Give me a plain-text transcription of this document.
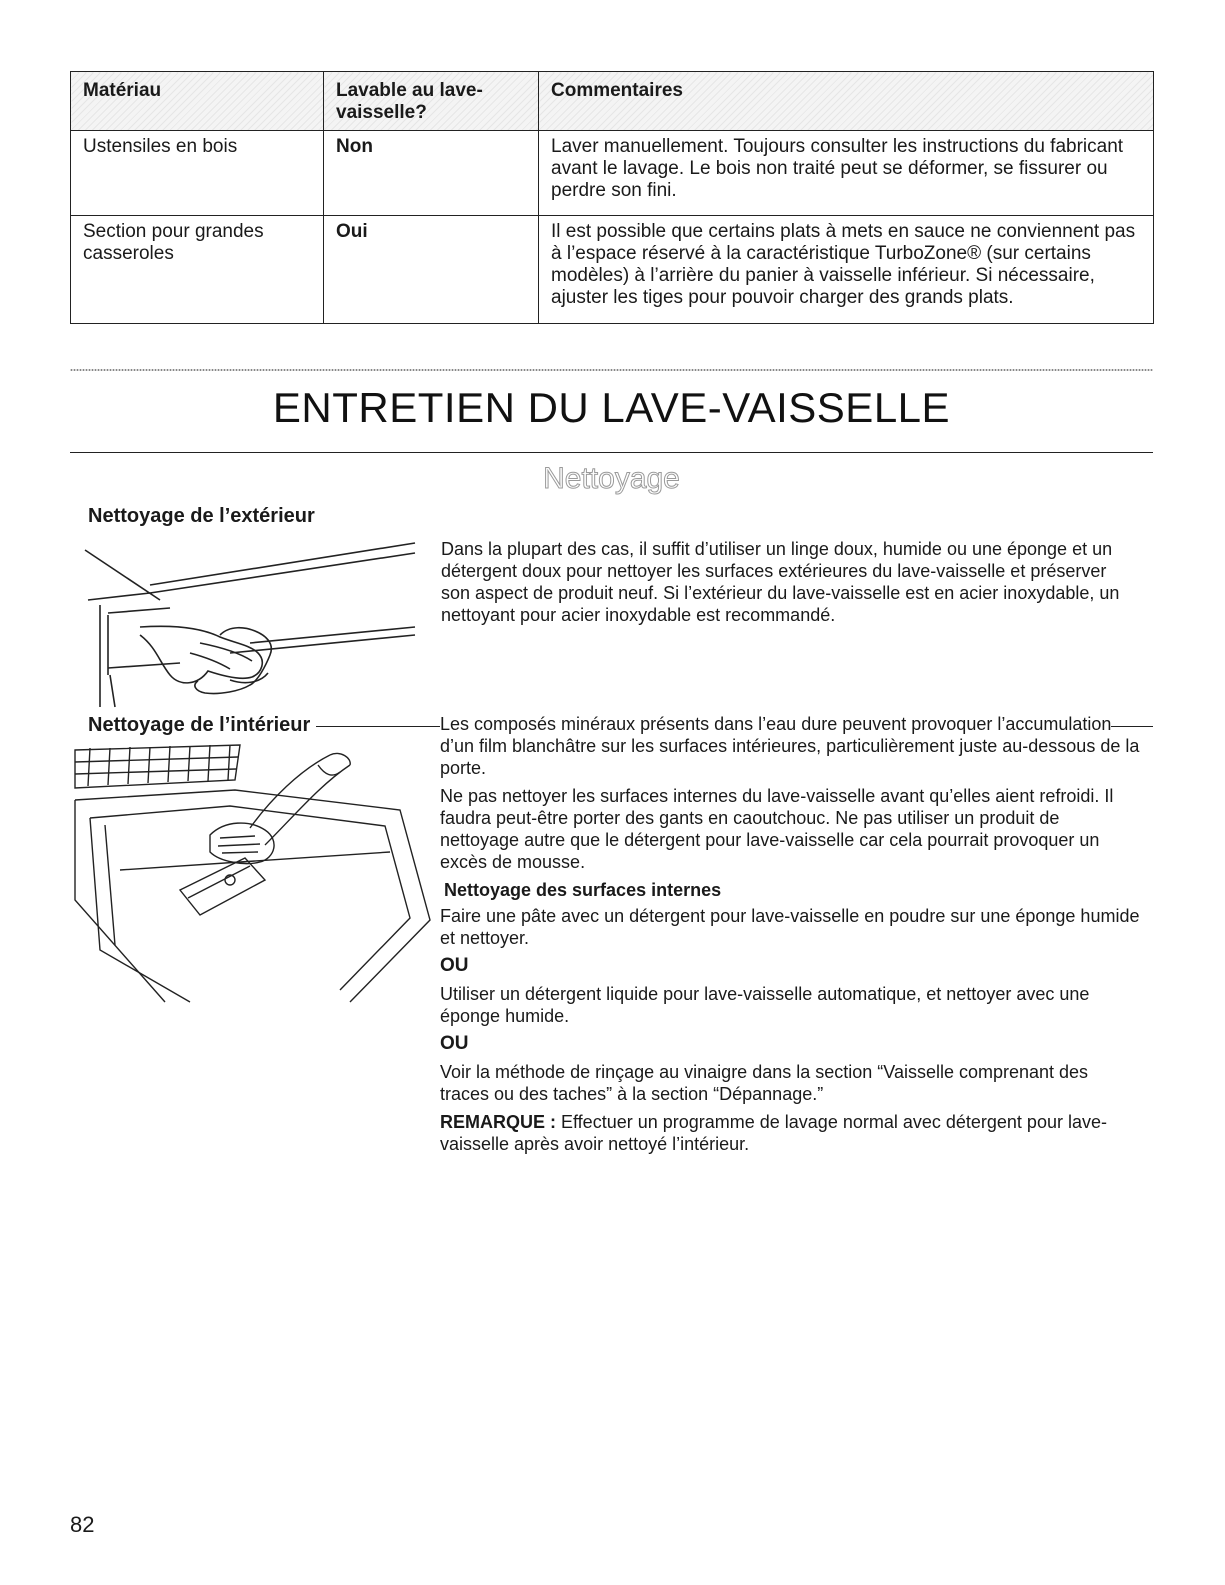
Matériau	Lavable au lave-vaisselle?	Commentaires
Ustensiles en bois	Non	Laver manuellement. Toujours consulter les instructions du fabricant avant le lavage. Le bois non traité peut se déformer, se fissurer ou perdre son fini.
Section pour grandes casseroles	Oui	Il est possible que certains plats à mets en sauce ne conviennent pas à l’espace réservé à la caractéristique TurboZone® (sur certains modèles) à l’arrière du panier à vaisselle inférieur. Si nécessaire, ajuster les tiges pour pouvoir charger des grands plats.
ENTRETIEN DU LAVE-VAISSELLE
Nettoyage
Nettoyage de l’extérieur

Dans la plupart des cas, il suffit d’utiliser un linge doux, humide ou une éponge et un détergent doux pour nettoyer les surfaces extérieures du lave-vaisselle et préserver son aspect de produit neuf. Si l’extérieur du lave-vaisselle est en acier inoxydable, un nettoyant pour acier inoxydable est recommandé.

Nettoyage de l’intérieur	Les composés minéraux présents dans l’eau dure peuvent provoquer l’accumulation d’un film blanchâtre sur les surfaces intérieures, particulièrement juste au-dessous de la porte.

Ne pas nettoyer les surfaces internes du lave-vaisselle avant qu’elles aient refroidi. Il faudra peut-être porter des gants en caoutchouc. Ne pas utiliser un produit de nettoyage autre que le détergent pour lave-vaisselle car cela pourrait provoquer un excès de mousse.

Nettoyage des surfaces internes

Faire une pâte avec un détergent pour lave-vaisselle en poudre sur une éponge humide et nettoyer.

OU

Utiliser un détergent liquide pour lave-vaisselle automatique, et nettoyer avec une éponge humide.

OU

Voir la méthode de rinçage au vinaigre dans la section “Vaisselle comprenant des traces ou des taches” à la section “Dépannage.”

REMARQUE : Effectuer un programme de lavage normal avec détergent pour lave-vaisselle après avoir nettoyé l’intérieur.

82
